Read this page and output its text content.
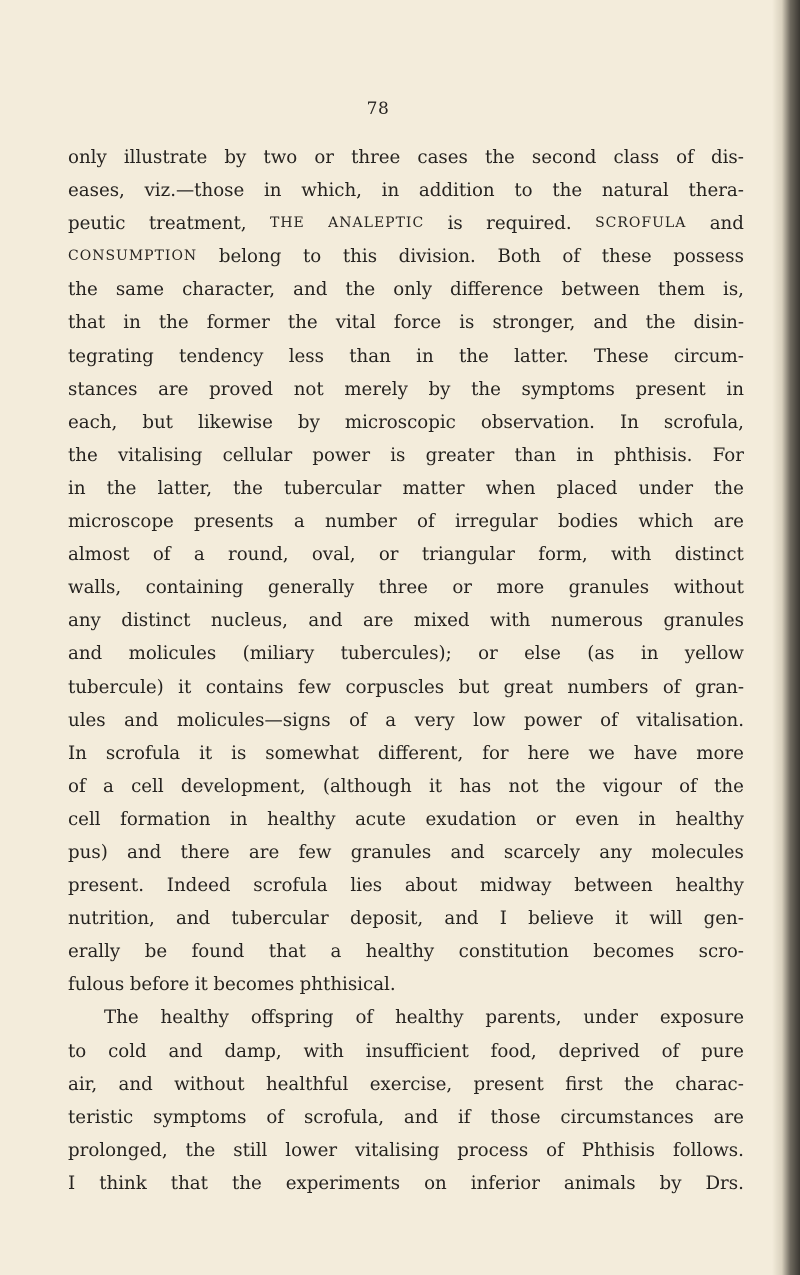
78
only illustrate by two or three cases the second class of dis-
eases, viz.—those in which, in addition to the natural thera-
peutic treatment, THE ANALEPTIC is required. SCROFULA and
CONSUMPTION belong to this division. Both of these possess
the same character, and the only difference between them is,
that in the former the vital force is stronger, and the disin-
tegrating tendency less than in the latter. These circum-
stances are proved not merely by the symptoms present in
each, but likewise by microscopic observation. In scrofula,
the vitalising cellular power is greater than in phthisis. For
in the latter, the tubercular matter when placed under the
microscope presents a number of irregular bodies which are
almost of a round, oval, or triangular form, with distinct
walls, containing generally three or more granules without
any distinct nucleus, and are mixed with numerous granules
and molicules (miliary tubercules); or else (as in yellow
tubercule) it contains few corpuscles but great numbers of gran-
ules and molicules—signs of a very low power of vitalisation.
In scrofula it is somewhat different, for here we have more
of a cell development, (although it has not the vigour of the
cell formation in healthy acute exudation or even in healthy
pus) and there are few granules and scarcely any molecules
present. Indeed scrofula lies about midway between healthy
nutrition, and tubercular deposit, and I believe it will gen-
erally be found that a healthy constitution becomes scro-
fulous before it becomes phthisical.
The healthy offspring of healthy parents, under exposure
to cold and damp, with insufficient food, deprived of pure
air, and without healthful exercise, present first the charac-
teristic symptoms of scrofula, and if those circumstances are
prolonged, the still lower vitalising process of Phthisis follows.
I think that the experiments on inferior animals by Drs.
